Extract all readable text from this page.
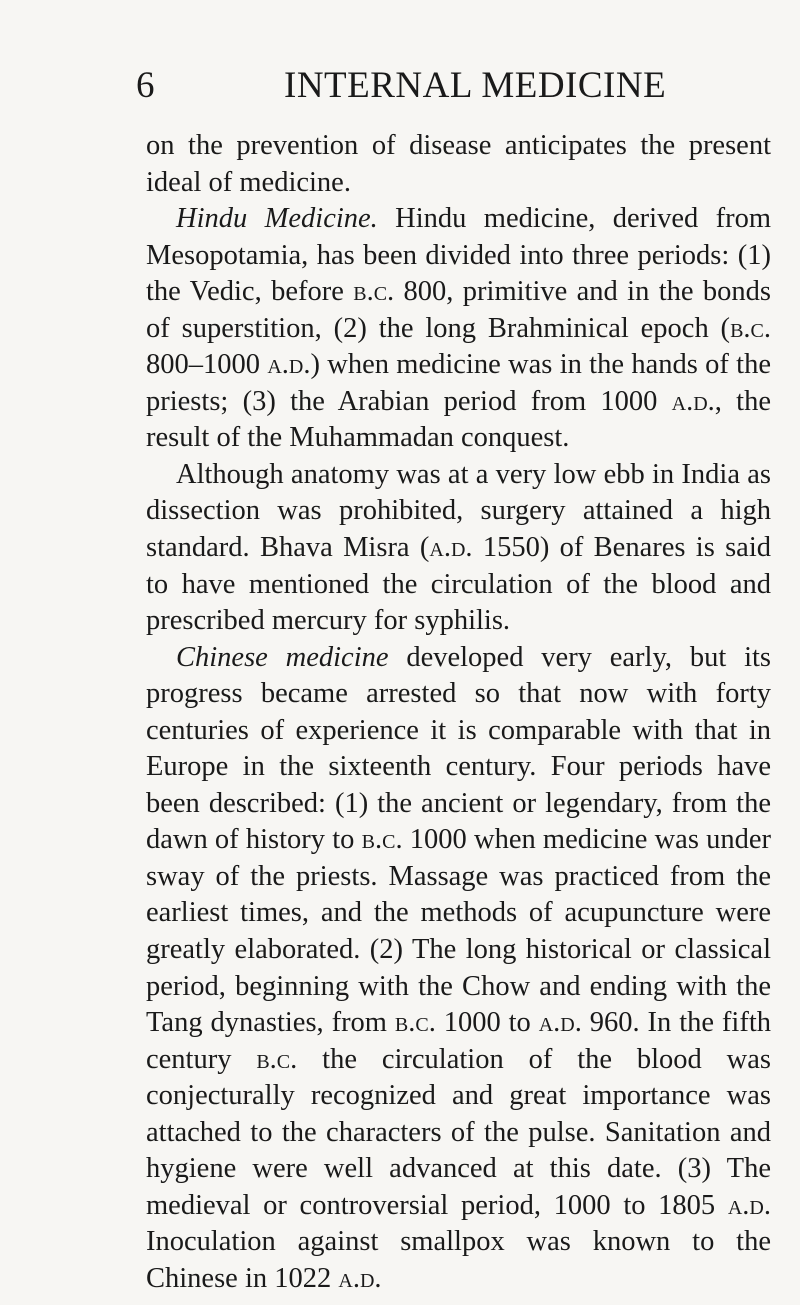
6	INTERNAL MEDICINE

on the prevention of disease anticipates the present ideal of medicine.

Hindu Medicine. Hindu medicine, derived from Mesopotamia, has been divided into three periods: (1) the Vedic, before b.c. 800, primitive and in the bonds of superstition, (2) the long Brahminical epoch (b.c. 800–1000 a.d.) when medicine was in the hands of the priests; (3) the Arabian period from 1000 a.d., the result of the Muhammadan conquest.

Although anatomy was at a very low ebb in India as dissection was prohibited, surgery attained a high standard. Bhava Misra (a.d. 1550) of Benares is said to have mentioned the circulation of the blood and prescribed mercury for syphilis.

Chinese medicine developed very early, but its progress became arrested so that now with forty centuries of experience it is comparable with that in Europe in the sixteenth century. Four periods have been described: (1) the ancient or legendary, from the dawn of history to b.c. 1000 when medicine was under sway of the priests. Massage was practiced from the earliest times, and the methods of acupuncture were greatly elaborated. (2) The long historical or classical period, beginning with the Chow and ending with the Tang dynasties, from b.c. 1000 to a.d. 960. In the fifth century b.c. the circulation of the blood was conjecturally recognized and great importance was attached to the characters of the pulse. Sanitation and hygiene were well advanced at this date. (3) The medieval or controversial period, 1000 to 1805 a.d. Inoculation against smallpox was known to the Chinese in 1022 a.d.
